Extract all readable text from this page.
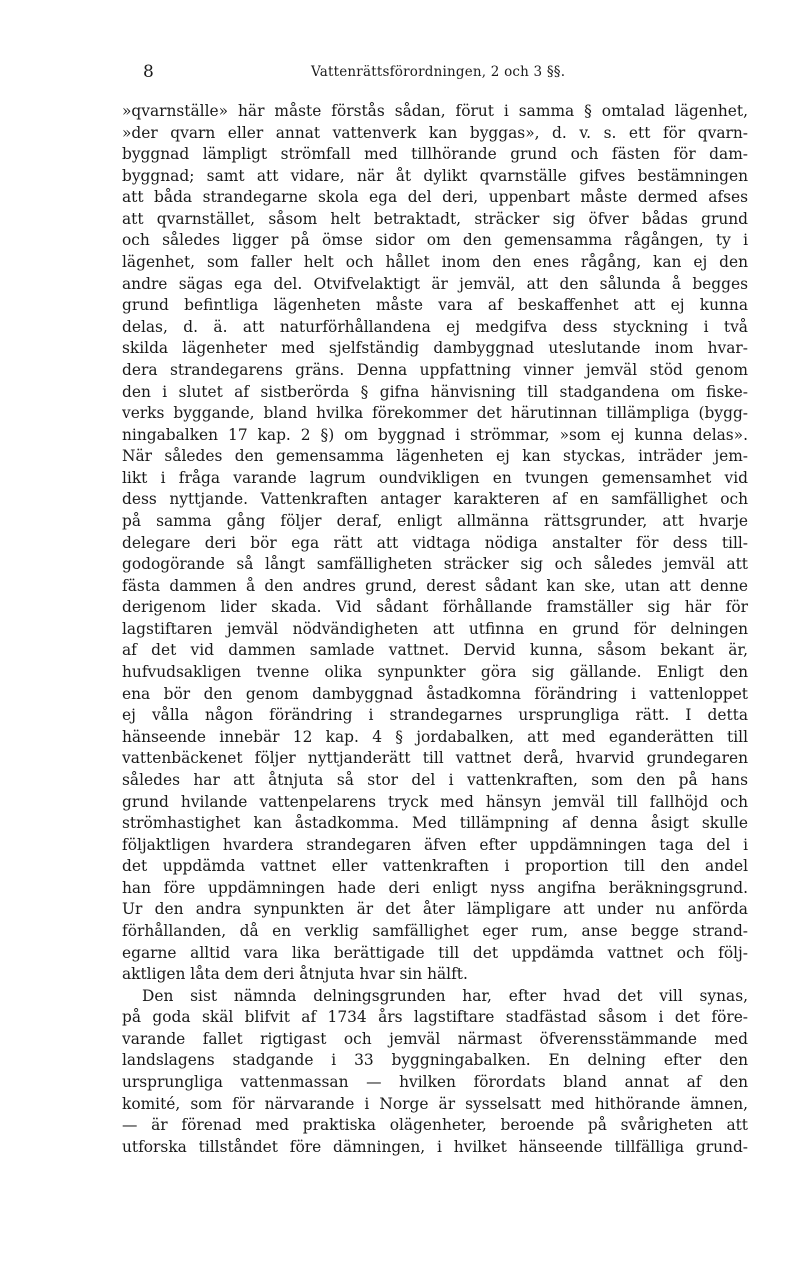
8	Vattenrättsförordningen, 2 och 3 §§.
»qvarnställe» här måste förstås sådan, förut i samma § omtalad lägenhet,
»der qvarn eller annat vattenverk kan byggas», d. v. s. ett för qvarn-
byggnad lämpligt strömfall med tillhörande grund och fästen för dam-
byggnad; samt att vidare, när åt dylikt qvarnställe gifves bestämningen
att båda strandegarne skola ega del deri, uppenbart måste dermed afses
att qvarnstället, såsom helt betraktadt, sträcker sig öfver bådas grund
och således ligger på ömse sidor om den gemensamma rågången, ty i
lägenhet, som faller helt och hållet inom den enes rågång, kan ej den
andre sägas ega del. Otvifvelaktigt är jemväl, att den sålunda å begges
grund befintliga lägenheten måste vara af beskaffenhet att ej kunna
delas, d. ä. att naturförhållandena ej medgifva dess styckning i två
skilda lägenheter med sjelfständig dambyggnad uteslutande inom hvar-
dera strandegarens gräns. Denna uppfattning vinner jemväl stöd genom
den i slutet af sistberörda § gifna hänvisning till stadgandena om fiske-
verks byggande, bland hvilka förekommer det härutinnan tillämpliga (bygg-
ningabalken 17 kap. 2 §) om byggnad i strömmar, »som ej kunna delas».
När således den gemensamma lägenheten ej kan styckas, inträder jem-
likt i fråga varande lagrum oundvikligen en tvungen gemensamhet vid
dess nyttjande. Vattenkraften antager karakteren af en samfällighet och
på samma gång följer deraf, enligt allmänna rättsgrunder, att hvarje
delegare deri bör ega rätt att vidtaga nödiga anstalter för dess till-
godogörande så långt samfälligheten sträcker sig och således jemväl att
fästa dammen å den andres grund, derest sådant kan ske, utan att denne
derigenom lider skada. Vid sådant förhållande framställer sig här för
lagstiftaren jemväl nödvändigheten att utfinna en grund för delningen
af det vid dammen samlade vattnet. Dervid kunna, såsom bekant är,
hufvudsakligen tvenne olika synpunkter göra sig gällande. Enligt den
ena bör den genom dambyggnad åstadkomna förändring i vattenloppet
ej vålla någon förändring i strandegarnes ursprungliga rätt. I detta
hänseende innebär 12 kap. 4 § jordabalken, att med eganderätten till
vattenbäckenet följer nyttjanderätt till vattnet derå, hvarvid grundegaren
således har att åtnjuta så stor del i vattenkraften, som den på hans
grund hvilande vattenpelarens tryck med hänsyn jemväl till fallhöjd och
strömhastighet kan åstadkomma. Med tillämpning af denna åsigt skulle
följaktligen hvardera strandegaren äfven efter uppdämningen taga del i
det uppdämda vattnet eller vattenkraften i proportion till den andel
han före uppdämningen hade deri enligt nyss angifna beräkningsgrund.
Ur den andra synpunkten är det åter lämpligare att under nu anförda
förhållanden, då en verklig samfällighet eger rum, anse begge strand-
egarne alltid vara lika berättigade till det uppdämda vattnet och följ-
aktligen låta dem deri åtnjuta hvar sin hälft.
Den sist nämnda delningsgrunden har, efter hvad det vill synas,
på goda skäl blifvit af 1734 års lagstiftare stadfästad såsom i det före-
varande fallet rigtigast och jemväl närmast öfverensstämmande med
landslagens stadgande i 33 byggningabalken. En delning efter den
ursprungliga vattenmassan — hvilken förordats bland annat af den
komité, som för närvarande i Norge är sysselsatt med hithörande ämnen,
— är förenad med praktiska olägenheter, beroende på svårigheten att
utforska tillståndet före dämningen, i hvilket hänseende tillfälliga grund-
